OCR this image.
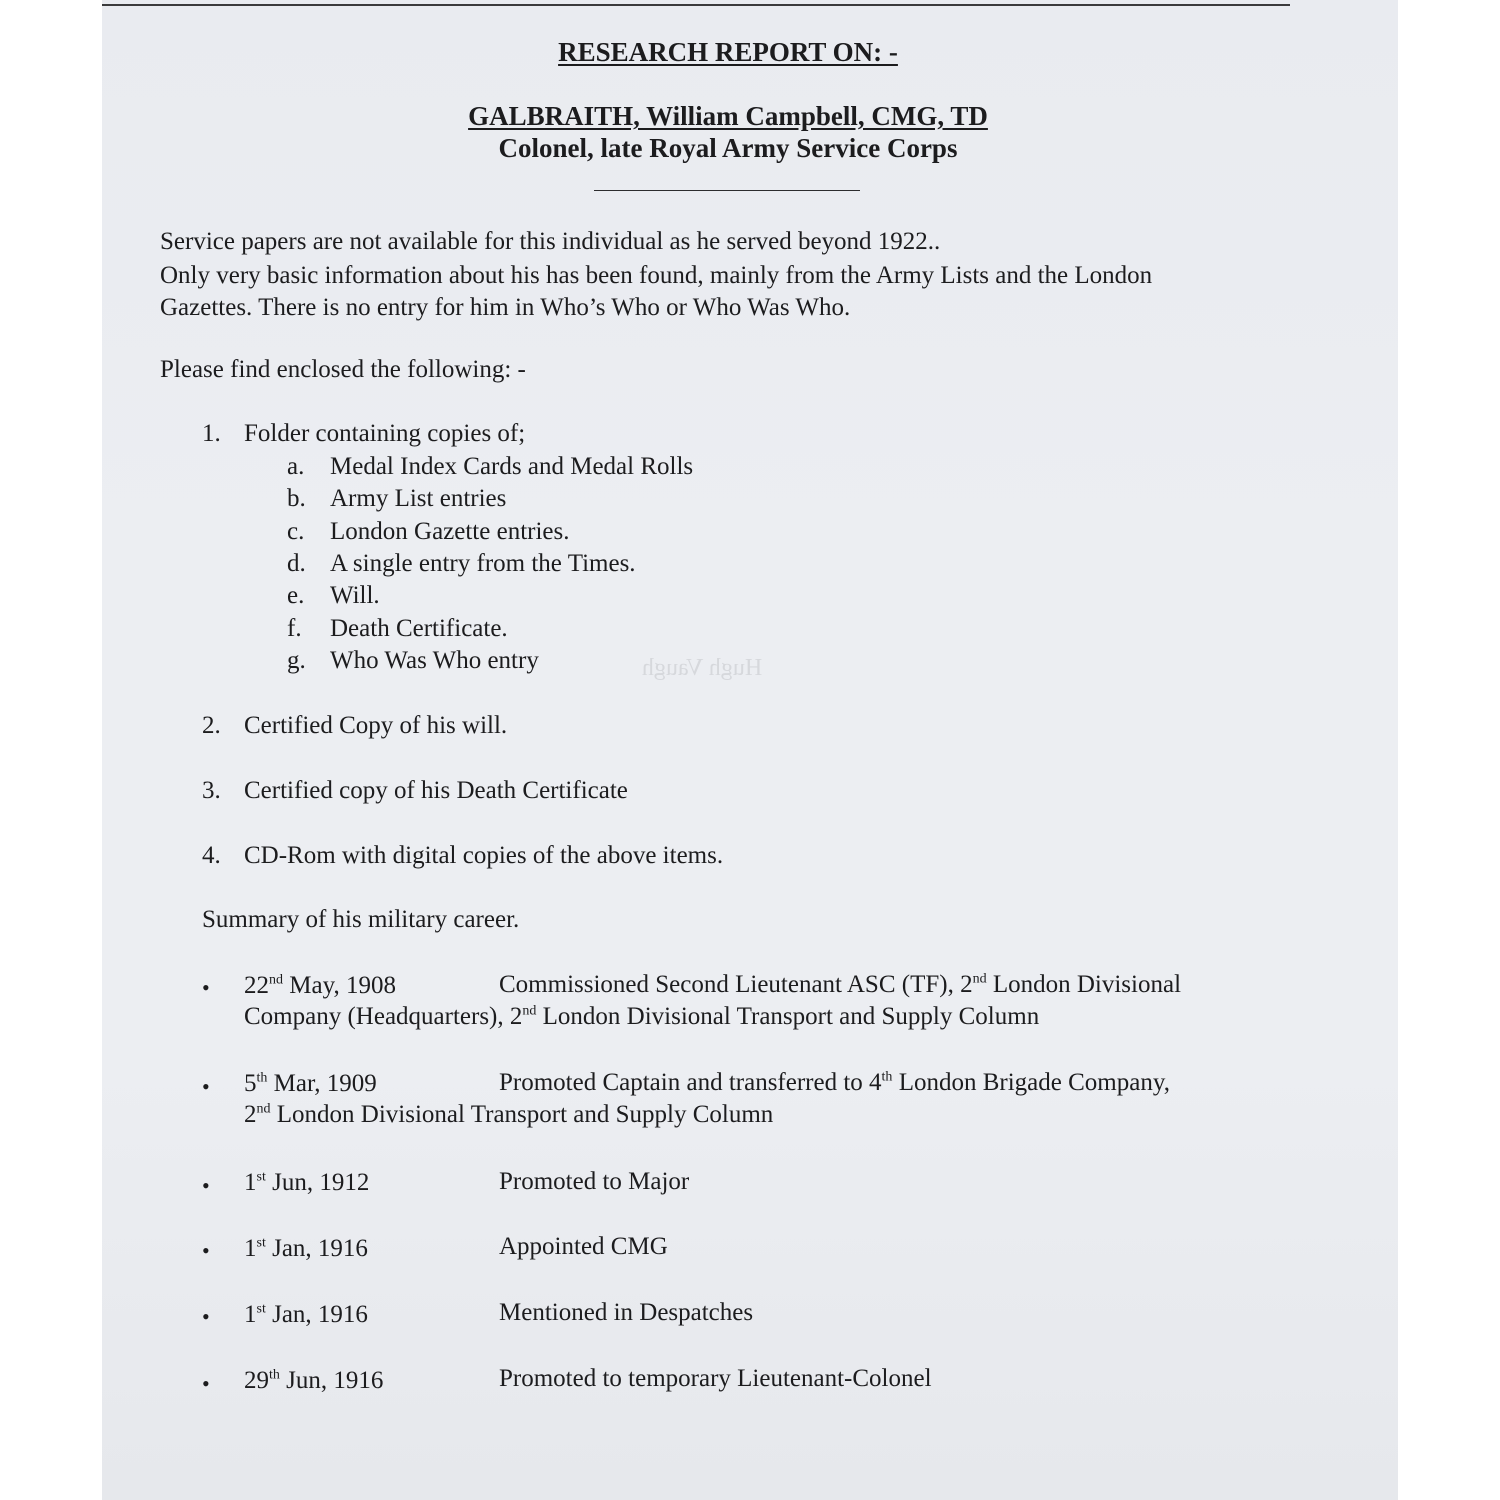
Hugh Vaugh
RESEARCH REPORT ON: -
GALBRAITH, William Campbell, CMG, TD
Colonel, late Royal Army Service Corps
Service papers are not available for this individual as he served beyond 1922..
Only very basic information about his has been found, mainly from the Army Lists and the London
Gazettes. There is no entry for him in Who’s Who or Who Was Who.
Please find enclosed the following: -
1. Folder containing copies of;
a. Medal Index Cards and Medal Rolls
b. Army List entries
c. London Gazette entries.
d. A single entry from the Times.
e. Will.
f. Death Certificate.
g. Who Was Who entry
2. Certified Copy of his will.
3. Certified copy of his Death Certificate
4. CD-Rom with digital copies of the above items.
Summary of his military career.
• 22nd May, 1908	Commissioned Second Lieutenant ASC (TF), 2nd London Divisional
Company (Headquarters), 2nd London Divisional Transport and Supply Column
• 5th Mar, 1909	Promoted Captain and transferred to 4th London Brigade Company,
2nd London Divisional Transport and Supply Column
• 1st Jun, 1912	Promoted to Major
• 1st Jan, 1916	Appointed CMG
• 1st Jan, 1916	Mentioned in Despatches
• 29th Jun, 1916	Promoted to temporary Lieutenant-Colonel
